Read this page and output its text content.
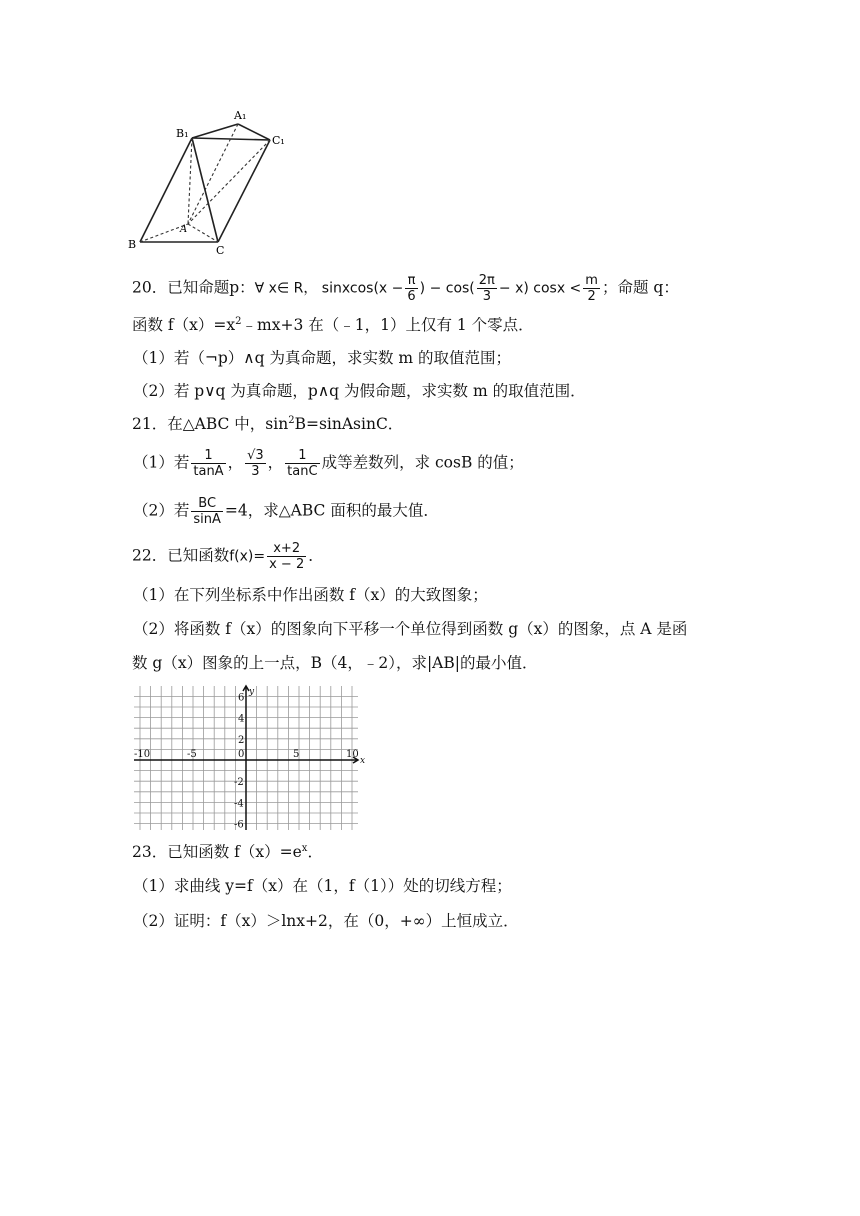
A₁
B₁
C₁
A
B	C
20．已知命题p：∀ x∈ R， sinxcos(x − $\frac{\pi}{6}$ ) − $\cos( \frac{2\pi}{3} - x)$ $\cos x < \frac{m}{2}$ ；命题 q：
函数 $f(x)=x^2﹣mx+3$ 在（﹣1，1）上仅有 1 个零点．
（1）若（¬p）∧q 为真命题，求实数 m 的取值范围；
（2）若 p∨q 为真命题，p∧q 为假命题，求实数 m 的取值范围．
21．在△ABC 中，$\sin^2B=sinAsinC$．
（1）若 $\frac{1}{\tan A}$ ， $\frac{√3}{3}$ ， $\frac{1}{\tan C}$ 成等差数列，求 cosB 的值；
（2）若 $\frac{BC}{\sin A} =4$，求△ABC 面积的最大值．
22．已知函数$f(x)= \frac{x+2}{x - 2}$ ．
（1）在下列坐标系中作出函数 f（x）的大致图象；
（2）将函数 f（x）的图象向下平移一个单位得到函数 g（x）的图象，点 A 是函
数 g（x）图象的上一点，B（4，﹣2），求|AB|的最小值．
-10	-5	0	5	10
6
4
2
-2
-4
-6
x
y
23．已知函数 $f(x)=e^x$．
（1）求曲线 y=f（x）在（1，f（1））处的切线方程；
（2）证明：f（x）＞lnx+2，在（0，+∞）上恒成立．
